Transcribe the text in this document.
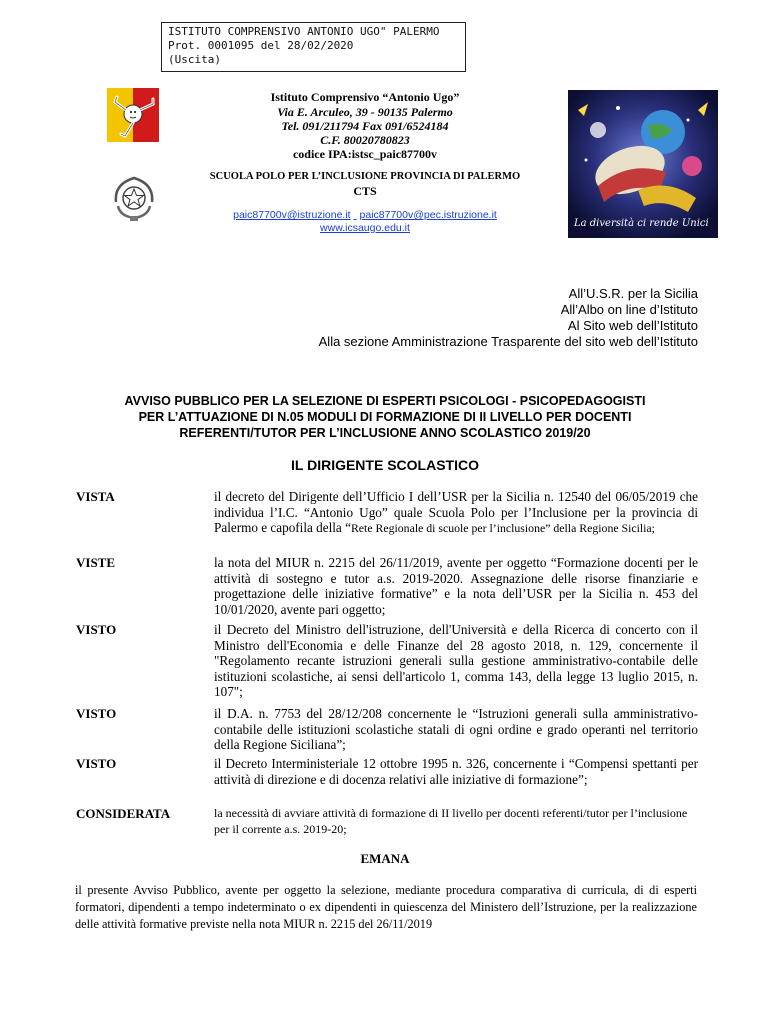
ISTITUTO COMPRENSIVO ANTONIO UGO" PALERMO
Prot. 0001095 del 28/02/2020
(Uscita)
La diversità ci rende Unici
Istituto Comprensivo “Antonio Ugo”
Via E. Arculeo, 39 - 90135 Palermo
Tel. 091/211794 Fax 091/6524184
C.F. 80020780823
codice IPA:istsc_paic87700v
SCUOLA POLO PER L’INCLUSIONE PROVINCIA DI PALERMO
CTS
paic87700v@istruzione.it paic87700v@pec.istruzione.it
www.icsaugo.edu.it
All’U.S.R. per la Sicilia
All’Albo on line d’Istituto
Al Sito web dell’Istituto
Alla sezione Amministrazione Trasparente del sito web dell’Istituto
AVVISO PUBBLICO PER LA SELEZIONE DI ESPERTI PSICOLOGI - PSICOPEDAGOGISTI
PER L’ATTUAZIONE DI N.05 MODULI DI FORMAZIONE DI II LIVELLO PER DOCENTI
REFERENTI/TUTOR PER L’INCLUSIONE ANNO SCOLASTICO 2019/20
IL DIRIGENTE SCOLASTICO
VISTA	il decreto del Dirigente dell’Ufficio I dell’USR per la Sicilia n. 12540 del 06/05/2019 che individua l’I.C. “Antonio Ugo” quale Scuola Polo per l’Inclusione per la provincia di Palermo e capofila della “Rete Regionale di scuole per l’inclusione” della Regione Sicilia;
VISTE	la nota del MIUR n. 2215 del 26/11/2019, avente per oggetto “Formazione docenti per le attività di sostegno e tutor a.s. 2019-2020. Assegnazione delle risorse finanziarie e progettazione delle iniziative formative” e la nota dell’USR per la Sicilia n. 453 del 10/01/2020, avente pari oggetto;
VISTO	il Decreto del Ministro dell'istruzione, dell'Università e della Ricerca di concerto con il Ministro dell'Economia e delle Finanze del 28 agosto 2018, n. 129, concernente il "Regolamento recante istruzioni generali sulla gestione amministrativo-contabile delle istituzioni scolastiche, ai sensi dell'articolo 1, comma 143, della legge 13 luglio 2015, n. 107";
VISTO	il D.A. n. 7753 del 28/12/208 concernente le “Istruzioni generali sulla amministrativo-contabile delle istituzioni scolastiche statali di ogni ordine e grado operanti nel territorio della Regione Siciliana”;
VISTO	il Decreto Interministeriale 12 ottobre 1995 n. 326, concernente i “Compensi spettanti per attività di direzione e di docenza relativi alle iniziative di formazione”;
CONSIDERATA	la necessità di avviare attività di formazione di II livello per docenti referenti/tutor per l’inclusione per il corrente a.s. 2019-20;
EMANA
il presente Avviso Pubblico, avente per oggetto la selezione, mediante procedura comparativa di curricula, di di esperti formatori, dipendenti a tempo indeterminato o ex dipendenti in quiescenza del Ministero dell’Istruzione, per la realizzazione delle attività formative previste nella nota MIUR n. 2215 del 26/11/2019
